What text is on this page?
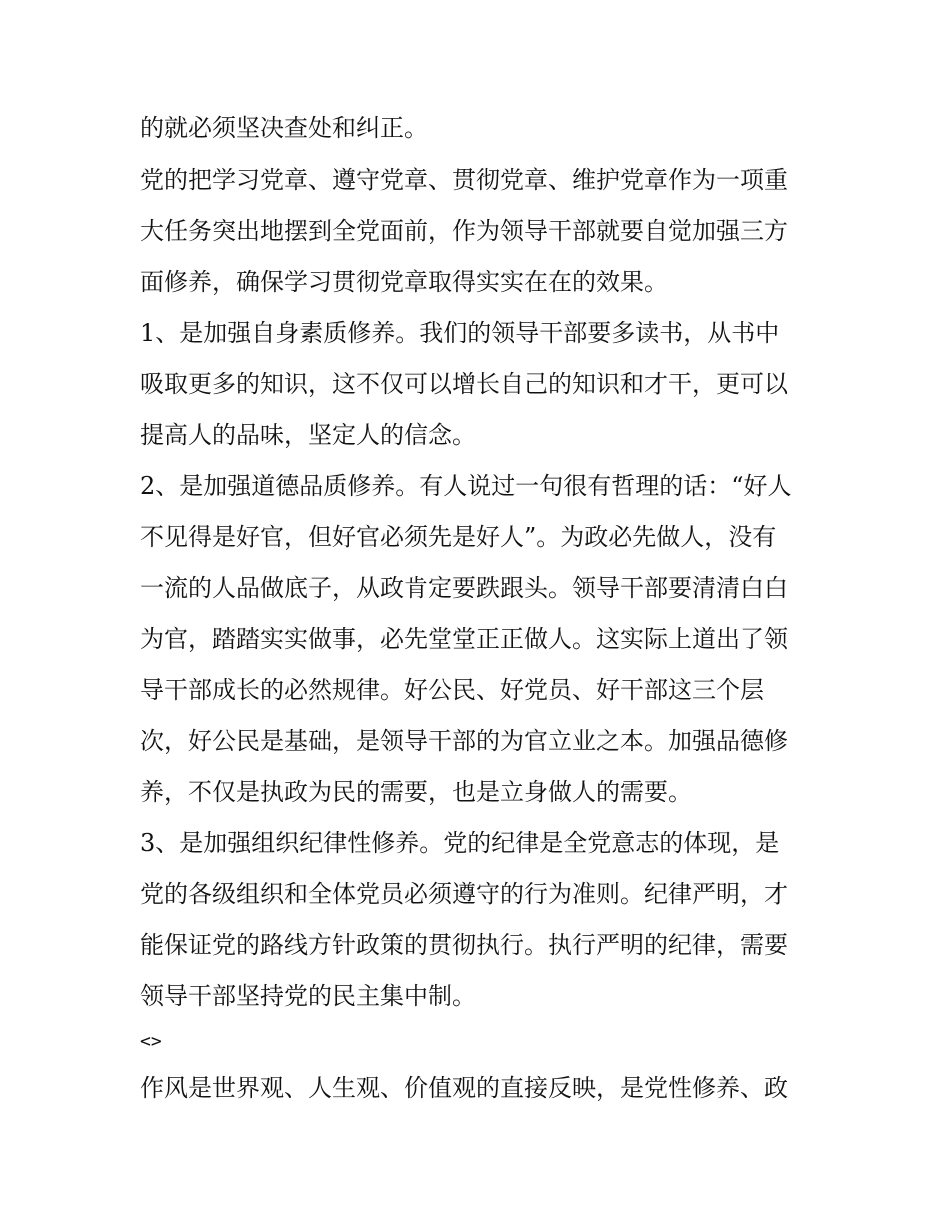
的就必须坚决查处和纠正。
党的把学习党章、遵守党章、贯彻党章、维护党章作为一项重
大任务突出地摆到全党面前，作为领导干部就要自觉加强三方
面修养，确保学习贯彻党章取得实实在在的效果。
1、是加强自身素质修养。我们的领导干部要多读书，从书中
吸取更多的知识，这不仅可以增长自己的知识和才干，更可以
提高人的品味，坚定人的信念。
2、是加强道德品质修养。有人说过一句很有哲理的话：“好人
不见得是好官，但好官必须先是好人”。为政必先做人，没有
一流的人品做底子，从政肯定要跌跟头。领导干部要清清白白
为官，踏踏实实做事，必先堂堂正正做人。这实际上道出了领
导干部成长的必然规律。好公民、好党员、好干部这三个层
次，好公民是基础，是领导干部的为官立业之本。加强品德修
养，不仅是执政为民的需要，也是立身做人的需要。
3、是加强组织纪律性修养。党的纪律是全党意志的体现，是
党的各级组织和全体党员必须遵守的行为准则。纪律严明，才
能保证党的路线方针政策的贯彻执行。执行严明的纪律，需要
领导干部坚持党的民主集中制。
<>
作风是世界观、人生观、价值观的直接反映，是党性修养、政
